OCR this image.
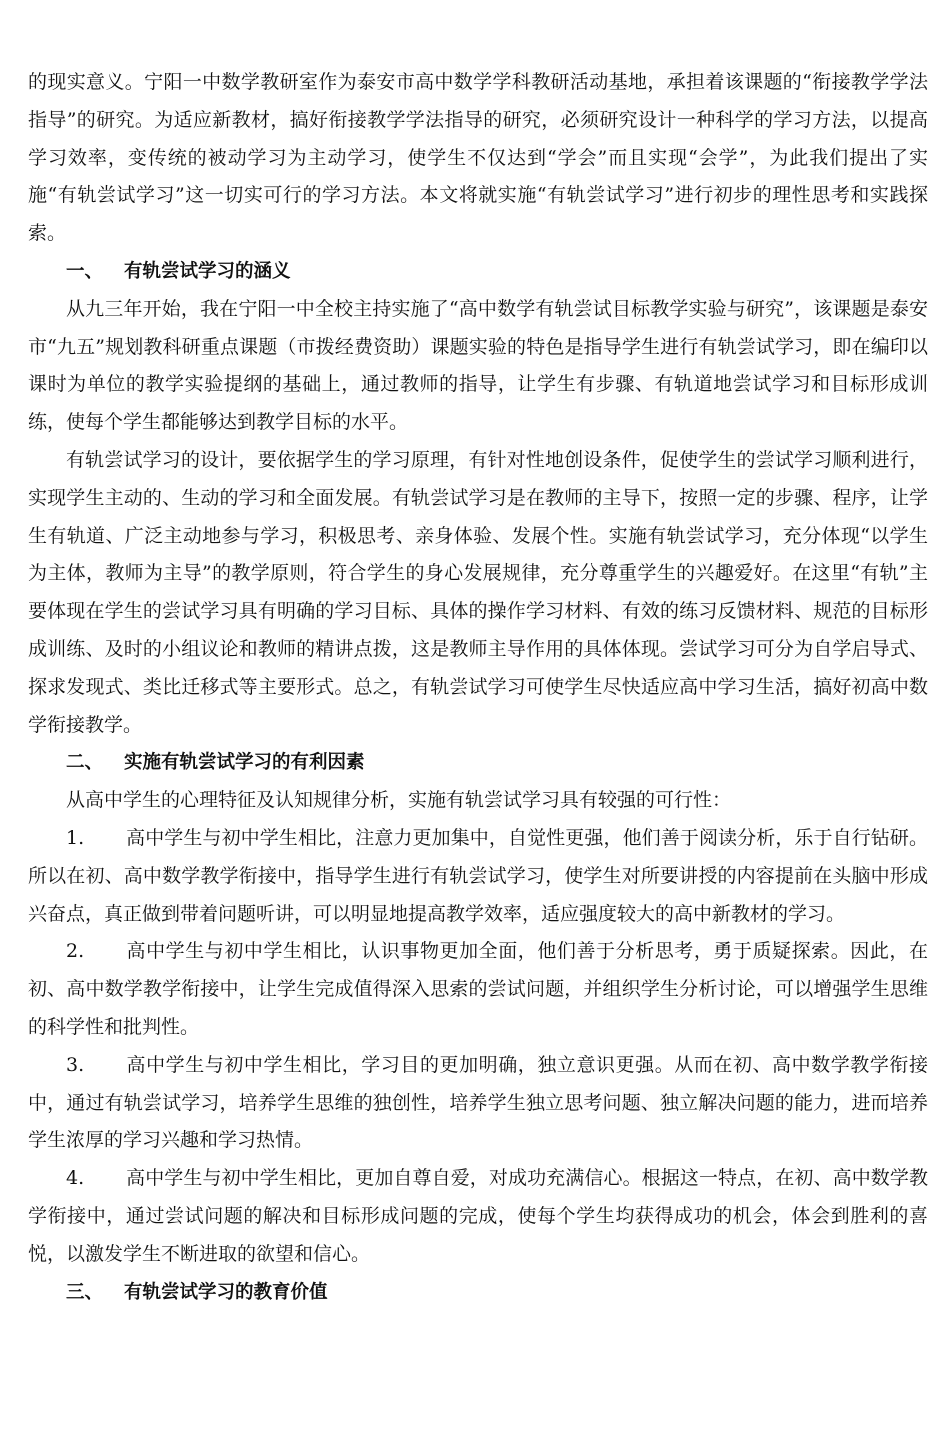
的现实意义。宁阳一中数学教研室作为泰安市高中数学学科教研活动基地，承担着该课题的“衔接教学学法指导”的研究。为适应新教材，搞好衔接教学学法指导的研究，必须研究设计一种科学的学习方法，以提高学习效率，变传统的被动学习为主动学习，使学生不仅达到“学会”而且实现“会学”，为此我们提出了实施“有轨尝试学习”这一切实可行的学习方法。本文将就实施“有轨尝试学习”进行初步的理性思考和实践探索。

一、 有轨尝试学习的涵义

从九三年开始，我在宁阳一中全校主持实施了“高中数学有轨尝试目标教学实验与研究”，该课题是泰安市“九五”规划教科研重点课题（市拨经费资助）课题实验的特色是指导学生进行有轨尝试学习，即在编印以课时为单位的教学实验提纲的基础上，通过教师的指导，让学生有步骤、有轨道地尝试学习和目标形成训练，使每个学生都能够达到教学目标的水平。

有轨尝试学习的设计，要依据学生的学习原理，有针对性地创设条件，促使学生的尝试学习顺利进行，实现学生主动的、生动的学习和全面发展。有轨尝试学习是在教师的主导下，按照一定的步骤、程序，让学生有轨道、广泛主动地参与学习，积极思考、亲身体验、发展个性。实施有轨尝试学习，充分体现“以学生为主体，教师为主导”的教学原则，符合学生的身心发展规律，充分尊重学生的兴趣爱好。在这里“有轨”主要体现在学生的尝试学习具有明确的学习目标、具体的操作学习材料、有效的练习反馈材料、规范的目标形成训练、及时的小组议论和教师的精讲点拨，这是教师主导作用的具体体现。尝试学习可分为自学启导式、探求发现式、类比迁移式等主要形式。总之，有轨尝试学习可使学生尽快适应高中学习生活，搞好初高中数学衔接教学。

二、 实施有轨尝试学习的有利因素

从高中学生的心理特征及认知规律分析，实施有轨尝试学习具有较强的可行性：

1. 高中学生与初中学生相比，注意力更加集中，自觉性更强，他们善于阅读分析，乐于自行钻研。所以在初、高中数学教学衔接中，指导学生进行有轨尝试学习，使学生对所要讲授的内容提前在头脑中形成兴奋点，真正做到带着问题听讲，可以明显地提高教学效率，适应强度较大的高中新教材的学习。

2. 高中学生与初中学生相比，认识事物更加全面，他们善于分析思考，勇于质疑探索。因此，在初、高中数学教学衔接中，让学生完成值得深入思索的尝试问题，并组织学生分析讨论，可以增强学生思维的科学性和批判性。

3. 高中学生与初中学生相比，学习目的更加明确，独立意识更强。从而在初、高中数学教学衔接中，通过有轨尝试学习，培养学生思维的独创性，培养学生独立思考问题、独立解决问题的能力，进而培养学生浓厚的学习兴趣和学习热情。

4. 高中学生与初中学生相比，更加自尊自爱，对成功充满信心。根据这一特点，在初、高中数学教学衔接中，通过尝试问题的解决和目标形成问题的完成，使每个学生均获得成功的机会，体会到胜利的喜悦，以激发学生不断进取的欲望和信心。

三、 有轨尝试学习的教育价值
